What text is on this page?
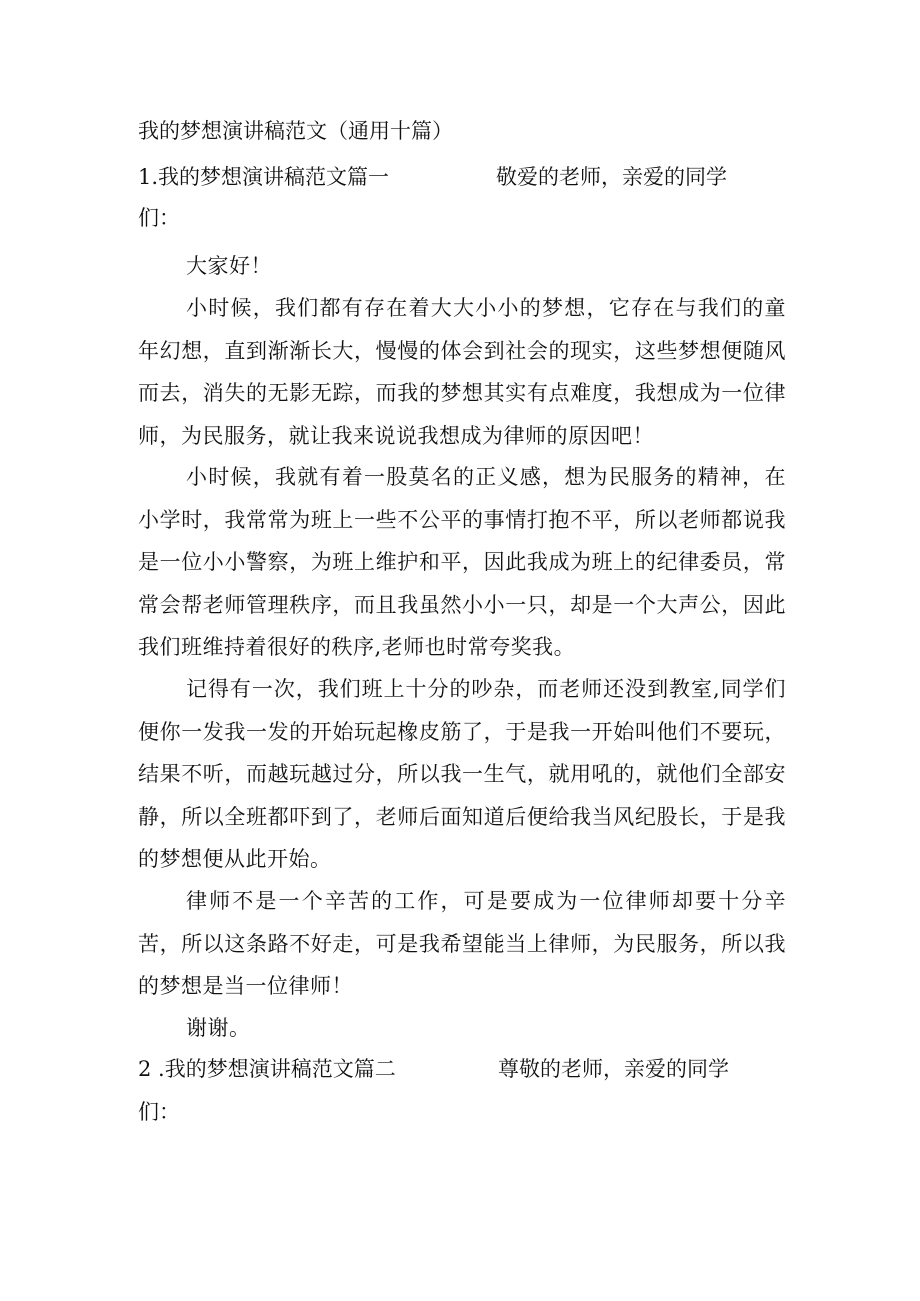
我的梦想演讲稿范文（通用十篇）
1.我的梦想演讲稿范文篇一	敬爱的老师，亲爱的同学
们：

大家好！

小时候，我们都有存在着大大小小的梦想，它存在与我们的童年幻想，直到渐渐长大，慢慢的体会到社会的现实，这些梦想便随风而去，消失的无影无踪，而我的梦想其实有点难度，我想成为一位律师，为民服务，就让我来说说我想成为律师的原因吧！

小时候，我就有着一股莫名的正义感，想为民服务的精神，在小学时，我常常为班上一些不公平的事情打抱不平，所以老师都说我是一位小小警察，为班上维护和平，因此我成为班上的纪律委员，常常会帮老师管理秩序，而且我虽然小小一只，却是一个大声公，因此我们班维持着很好的秩序,老师也时常夸奖我。

记得有一次，我们班上十分的吵杂，而老师还没到教室,同学们便你一发我一发的开始玩起橡皮筋了，于是我一开始叫他们不要玩，结果不听，而越玩越过分，所以我一生气，就用吼的，就他们全部安静，所以全班都吓到了，老师后面知道后便给我当风纪股长，于是我的梦想便从此开始。

律师不是一个辛苦的工作，可是要成为一位律师却要十分辛苦，所以这条路不好走，可是我希望能当上律师，为民服务，所以我的梦想是当一位律师！

谢谢。

2 .我的梦想演讲稿范文篇二	尊敬的老师，亲爱的同学
们：
